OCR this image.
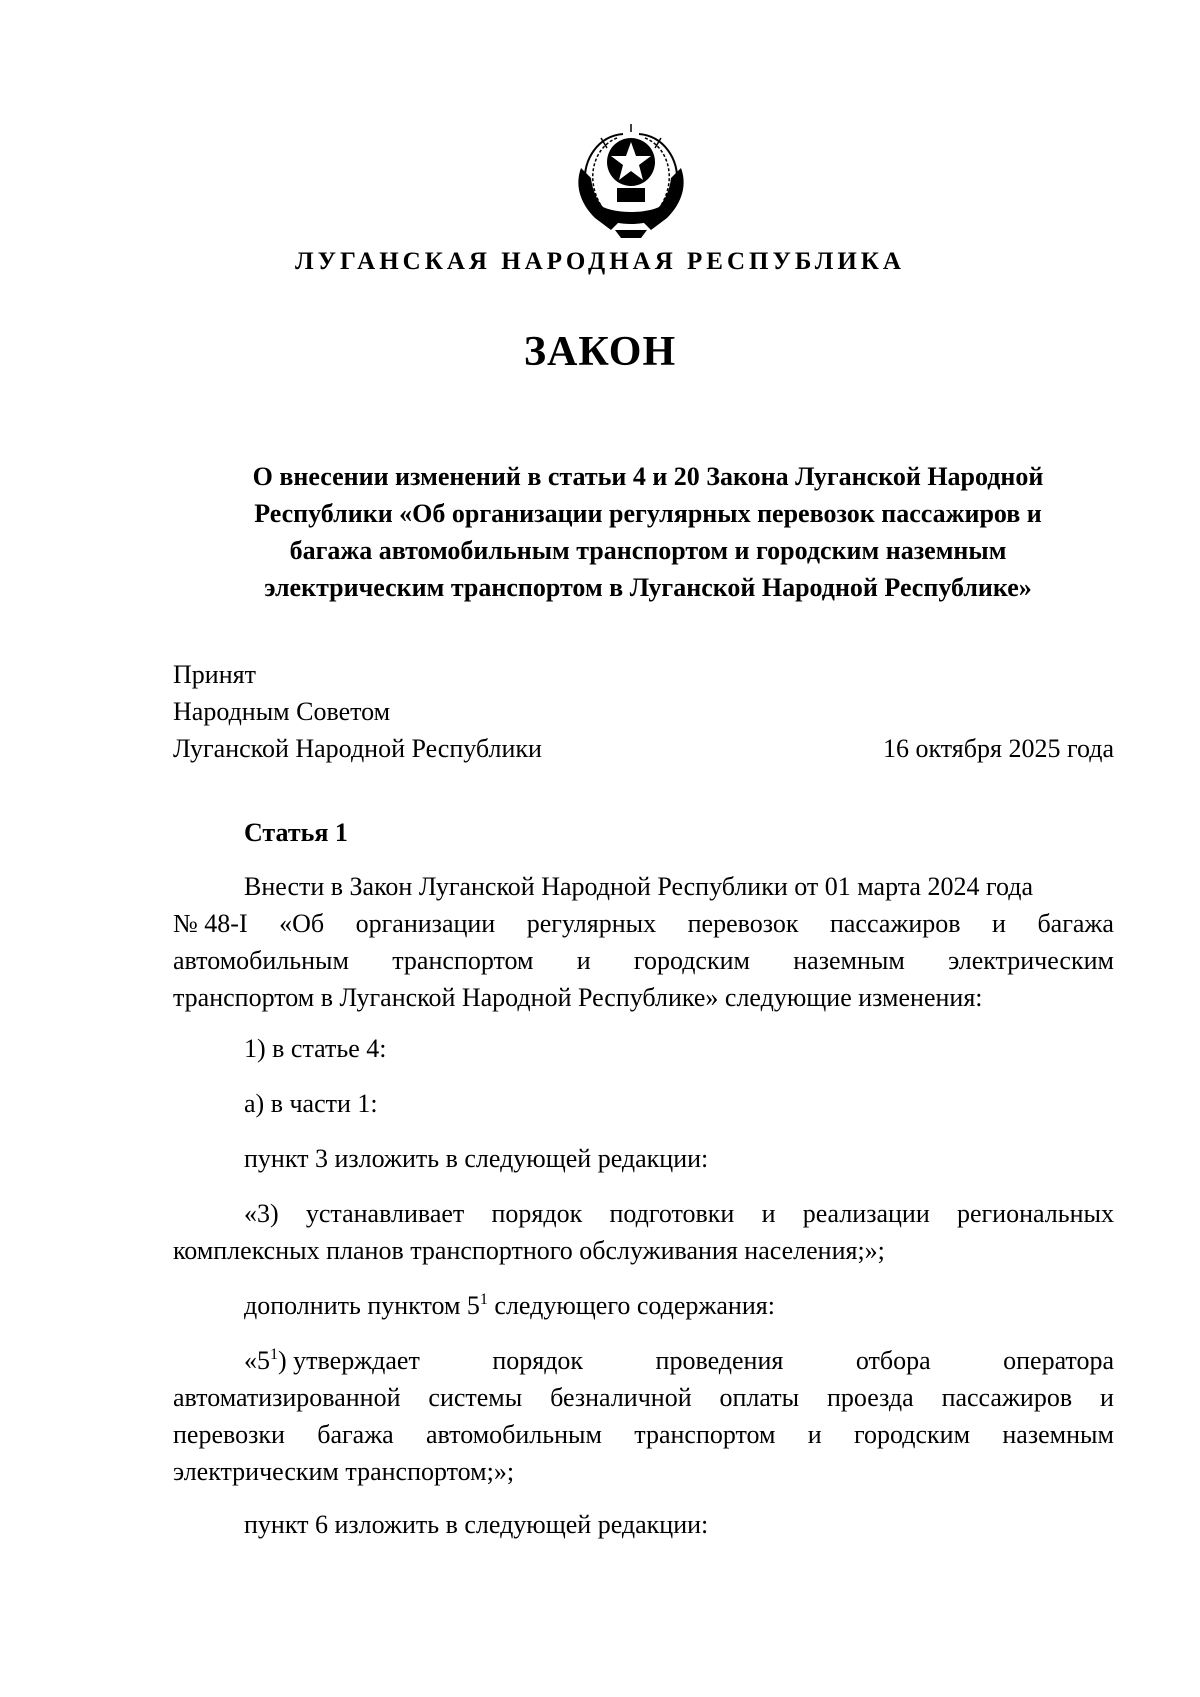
ЛУГАНСКАЯ НАРОДНАЯ РЕСПУБЛИКА
ЗАКОН
О внесении изменений в статьи 4 и 20 Закона Луганской Народной
Республики «Об организации регулярных перевозок пассажиров и
багажа автомобильным транспортом и городским наземным
электрическим транспортом в Луганской Народной Республике»
Принят
Народным Советом
Луганской Народной Республики	16 октября 2025 года
Статья 1
Внести в Закон Луганской Народной Республики от 01 марта 2024 года
№ 48-I «Об организации регулярных перевозок пассажиров и багажа
автомобильным транспортом и городским наземным электрическим
транспортом в Луганской Народной Республике» следующие изменения:
1) в статье 4:
а) в части 1:
пункт 3 изложить в следующей редакции:
«3) устанавливает порядок подготовки и реализации региональных
комплексных планов транспортного обслуживания населения;»;
дополнить пунктом $5^1$ следующего содержания:
«$5^1$) утверждает	порядок	проведения	отбора	оператора
автоматизированной системы безналичной оплаты проезда пассажиров и
перевозки багажа автомобильным транспортом и городским наземным
электрическим транспортом;»;
пункт 6 изложить в следующей редакции:
